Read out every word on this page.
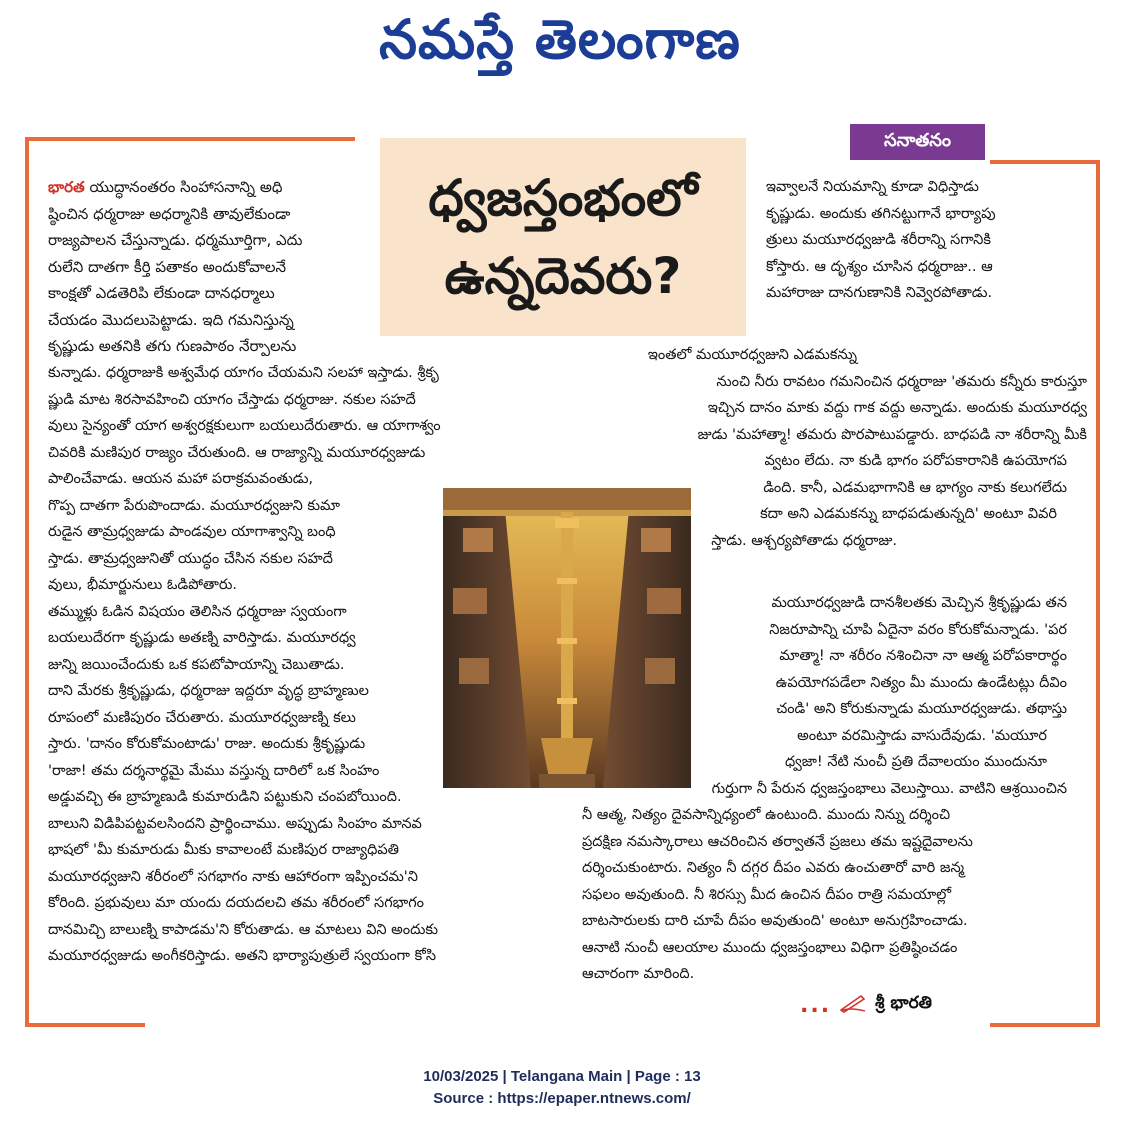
నమస్తే తెలంగాణ
సనాతనం
ధ్వజస్తంభంలో
ఉన్నదెవరు?

భారత యుద్ధానంతరం సింహాసనాన్ని అధి

ష్ఠించిన ధర్మరాజు అధర్మానికి తావులేకుండా

రాజ్యపాలన చేస్తున్నాడు. ధర్మమూర్తిగా, ఎదు

రులేని దాతగా కీర్తి పతాకం అందుకోవాలనే

కాంక్షతో ఎడతెరిపి లేకుండా దానధర్మాలు

చేయడం మొదలుపెట్టాడు. ఇది గమనిస్తున్న

కృష్ణుడు అతనికి తగు గుణపాఠం నేర్పాలను

కున్నాడు. ధర్మరాజుకి అశ్వమేధ యాగం చేయమని సలహా ఇస్తాడు. శ్రీకృ

ష్ణుడి మాట శిరసావహించి యాగం చేస్తాడు ధర్మరాజు. నకుల సహదే

వులు సైన్యంతో యాగ అశ్వరక్షకులుగా బయలుదేరుతారు. ఆ యాగాశ్వం

చివరికి మణిపుర రాజ్యం చేరుతుంది. ఆ రాజ్యాన్ని మయూరధ్వజుడు

పాలించేవాడు. ఆయన మహా పరాక్రమవంతుడు,

గొప్ప దాతగా పేరుపొందాడు. మయూరధ్వజుని కుమా

రుడైన తామ్రధ్వజుడు పాండవుల యాగాశ్వాన్ని బంధి

స్తాడు. తామ్రధ్వజునితో యుద్ధం చేసిన నకుల సహదే

వులు, భీమార్జునులు ఓడిపోతారు.

తమ్ముళ్లు ఓడిన విషయం తెలిసిన ధర్మరాజు స్వయంగా

బయలుదేరగా కృష్ణుడు అతణ్ని వారిస్తాడు. మయూరధ్వ

జున్ని జయించేందుకు ఒక కపటోపాయాన్ని చెబుతాడు.

దాని మేరకు శ్రీకృష్ణుడు, ధర్మరాజు ఇద్దరూ వృద్ధ బ్రాహ్మణుల

రూపంలో మణిపురం చేరుతారు. మయూరధ్వజుణ్ని కలు

స్తారు. 'దానం కోరుకోమంటాడు' రాజు. అందుకు శ్రీకృష్ణుడు

'రాజా! తమ దర్శనార్థమై మేము వస్తున్న దారిలో ఒక సింహం

అడ్డువచ్చి ఈ బ్రాహ్మణుడి కుమారుడిని పట్టుకుని చంపబోయింది.

బాలుని విడిపిపట్టవలసిందని ప్రార్థించాము. అప్పుడు సింహం మానవ

భాషలో 'మీ కుమారుడు మీకు కావాలంటే మణిపుర రాజ్యాధిపతి

మయూరధ్వజుని శరీరంలో సగభాగం నాకు ఆహారంగా ఇప్పించమ'ని

కోరింది. ప్రభువులు మా యందు దయదలచి తమ శరీరంలో సగభాగం

దానమిచ్చి బాలుణ్ని కాపాడమ'ని కోరుతాడు. ఆ మాటలు విని అందుకు

మయూరధ్వజుడు అంగీకరిస్తాడు. అతని భార్యాపుత్రులే స్వయంగా కోసి

ఇవ్వాలనే నియమాన్ని కూడా విధిస్తాడు

కృష్ణుడు. అందుకు తగినట్టుగానే భార్యాపు

త్రులు మయూరధ్వజుడి శరీరాన్ని సగానికి

కోస్తారు. ఆ దృశ్యం చూసిన ధర్మరాజు.. ఆ

మహారాజు దానగుణానికి నివ్వెరపోతాడు.

ఇంతలో మయూరధ్వజుని ఎడమకన్ను

నుంచి నీరు రావటం గమనించిన ధర్మరాజు 'తమరు కన్నీరు కారుస్తూ

ఇచ్చిన దానం మాకు వద్దు గాక వద్దు అన్నాడు. అందుకు మయూరధ్వ

జుడు 'మహాత్మా! తమరు పొరపాటుపడ్డారు. బాధపడి నా శరీరాన్ని మీకి

వ్వటం లేదు. నా కుడి భాగం పరోపకారానికి ఉపయోగప

డింది. కానీ, ఎడమభాగానికి ఆ భాగ్యం నాకు కలుగలేదు

కదా అని ఎడమకన్ను బాధపడుతున్నది' అంటూ వివరి

స్తాడు. ఆశ్చర్యపోతాడు ధర్మరాజు.

మయూరధ్వజుడి దానశీలతకు మెచ్చిన శ్రీకృష్ణుడు తన

నిజరూపాన్ని చూపి ఏదైనా వరం కోరుకోమన్నాడు. 'పర

మాత్మా! నా శరీరం నశించినా నా ఆత్మ పరోపకారార్థం

ఉపయోగపడేలా నిత్యం మీ ముందు ఉండేటట్లు దీవిం

చండి' అని కోరుకున్నాడు మయూరధ్వజుడు. తథాస్తు

అంటూ వరమిస్తాడు వాసుదేవుడు. 'మయూర

ధ్వజా! నేటి నుంచీ ప్రతి దేవాలయం ముందునూ

గుర్తుగా నీ పేరున ధ్వజస్తంభాలు వెలుస్తాయి. వాటిని ఆశ్రయించిన

నీ ఆత్మ, నిత్యం దైవసాన్నిధ్యంలో ఉంటుంది. ముందు నిన్ను దర్శించి

ప్రదక్షిణ నమస్కారాలు ఆచరించిన తర్వాతనే ప్రజలు తమ ఇష్టదైవాలను

దర్శించుకుంటారు. నిత్యం నీ దగ్గర దీపం ఎవరు ఉంచుతారో వారి జన్మ

సఫలం అవుతుంది. నీ శిరస్సు మీద ఉంచిన దీపం రాత్రి సమయాల్లో

బాటసారులకు దారి చూపే దీపం అవుతుంది' అంటూ అనుగ్రహించాడు.

ఆనాటి నుంచీ ఆలయాల ముందు ధ్వజస్తంభాలు విధిగా ప్రతిష్ఠించడం

ఆచారంగా మారింది.

...	శ్రీ భారతి
10/03/2025 | Telangana Main | Page : 13
Source : https://epaper.ntnews.com/
